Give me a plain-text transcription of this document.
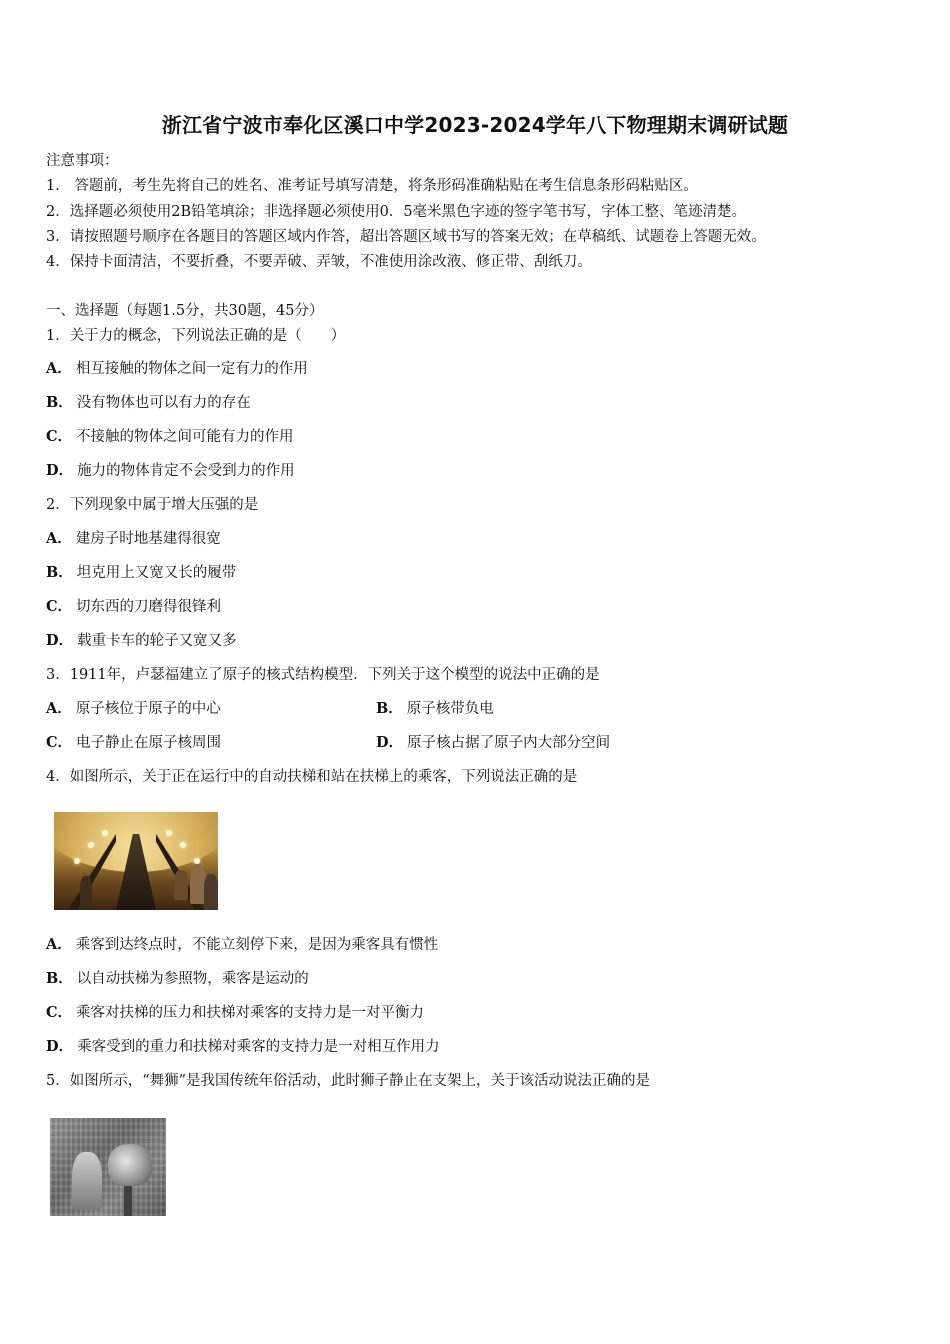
浙江省宁波市奉化区溪口中学2023-2024学年八下物理期末调研试题
注意事项：
1． 答题前，考生先将自己的姓名、准考证号填写清楚，将条形码准确粘贴在考生信息条形码粘贴区。
2．选择题必须使用2B铅笔填涂；非选择题必须使用0．5毫米黑色字迹的签字笔书写，字体工整、笔迹清楚。
3．请按照题号顺序在各题目的答题区域内作答，超出答题区域书写的答案无效；在草稿纸、试题卷上答题无效。
4．保持卡面清洁，不要折叠，不要弄破、弄皱，不准使用涂改液、修正带、刮纸刀。
一、选择题（每题1.5分，共30题，45分）
1．关于力的概念，下列说法正确的是（　　）
A． 相互接触的物体之间一定有力的作用
B． 没有物体也可以有力的存在
C． 不接触的物体之间可能有力的作用
D． 施力的物体肯定不会受到力的作用
2．下列现象中属于增大压强的是
A． 建房子时地基建得很宽
B． 坦克用上又宽又长的履带
C． 切东西的刀磨得很锋利
D． 载重卡车的轮子又宽又多
3．1911年，卢瑟福建立了原子的核式结构模型．下列关于这个模型的说法中正确的是
A． 原子核位于原子的中心	B． 原子核带负电
C． 电子静止在原子核周围	D． 原子核占据了原子内大部分空间
4．如图所示，关于正在运行中的自动扶梯和站在扶梯上的乘客，下列说法正确的是
A． 乘客到达终点时，不能立刻停下来，是因为乘客具有惯性
B． 以自动扶梯为参照物，乘客是运动的
C． 乘客对扶梯的压力和扶梯对乘客的支持力是一对平衡力
D． 乘客受到的重力和扶梯对乘客的支持力是一对相互作用力
5．如图所示，“舞狮”是我国传统年俗活动，此时狮子静止在支架上，关于该活动说法正确的是
